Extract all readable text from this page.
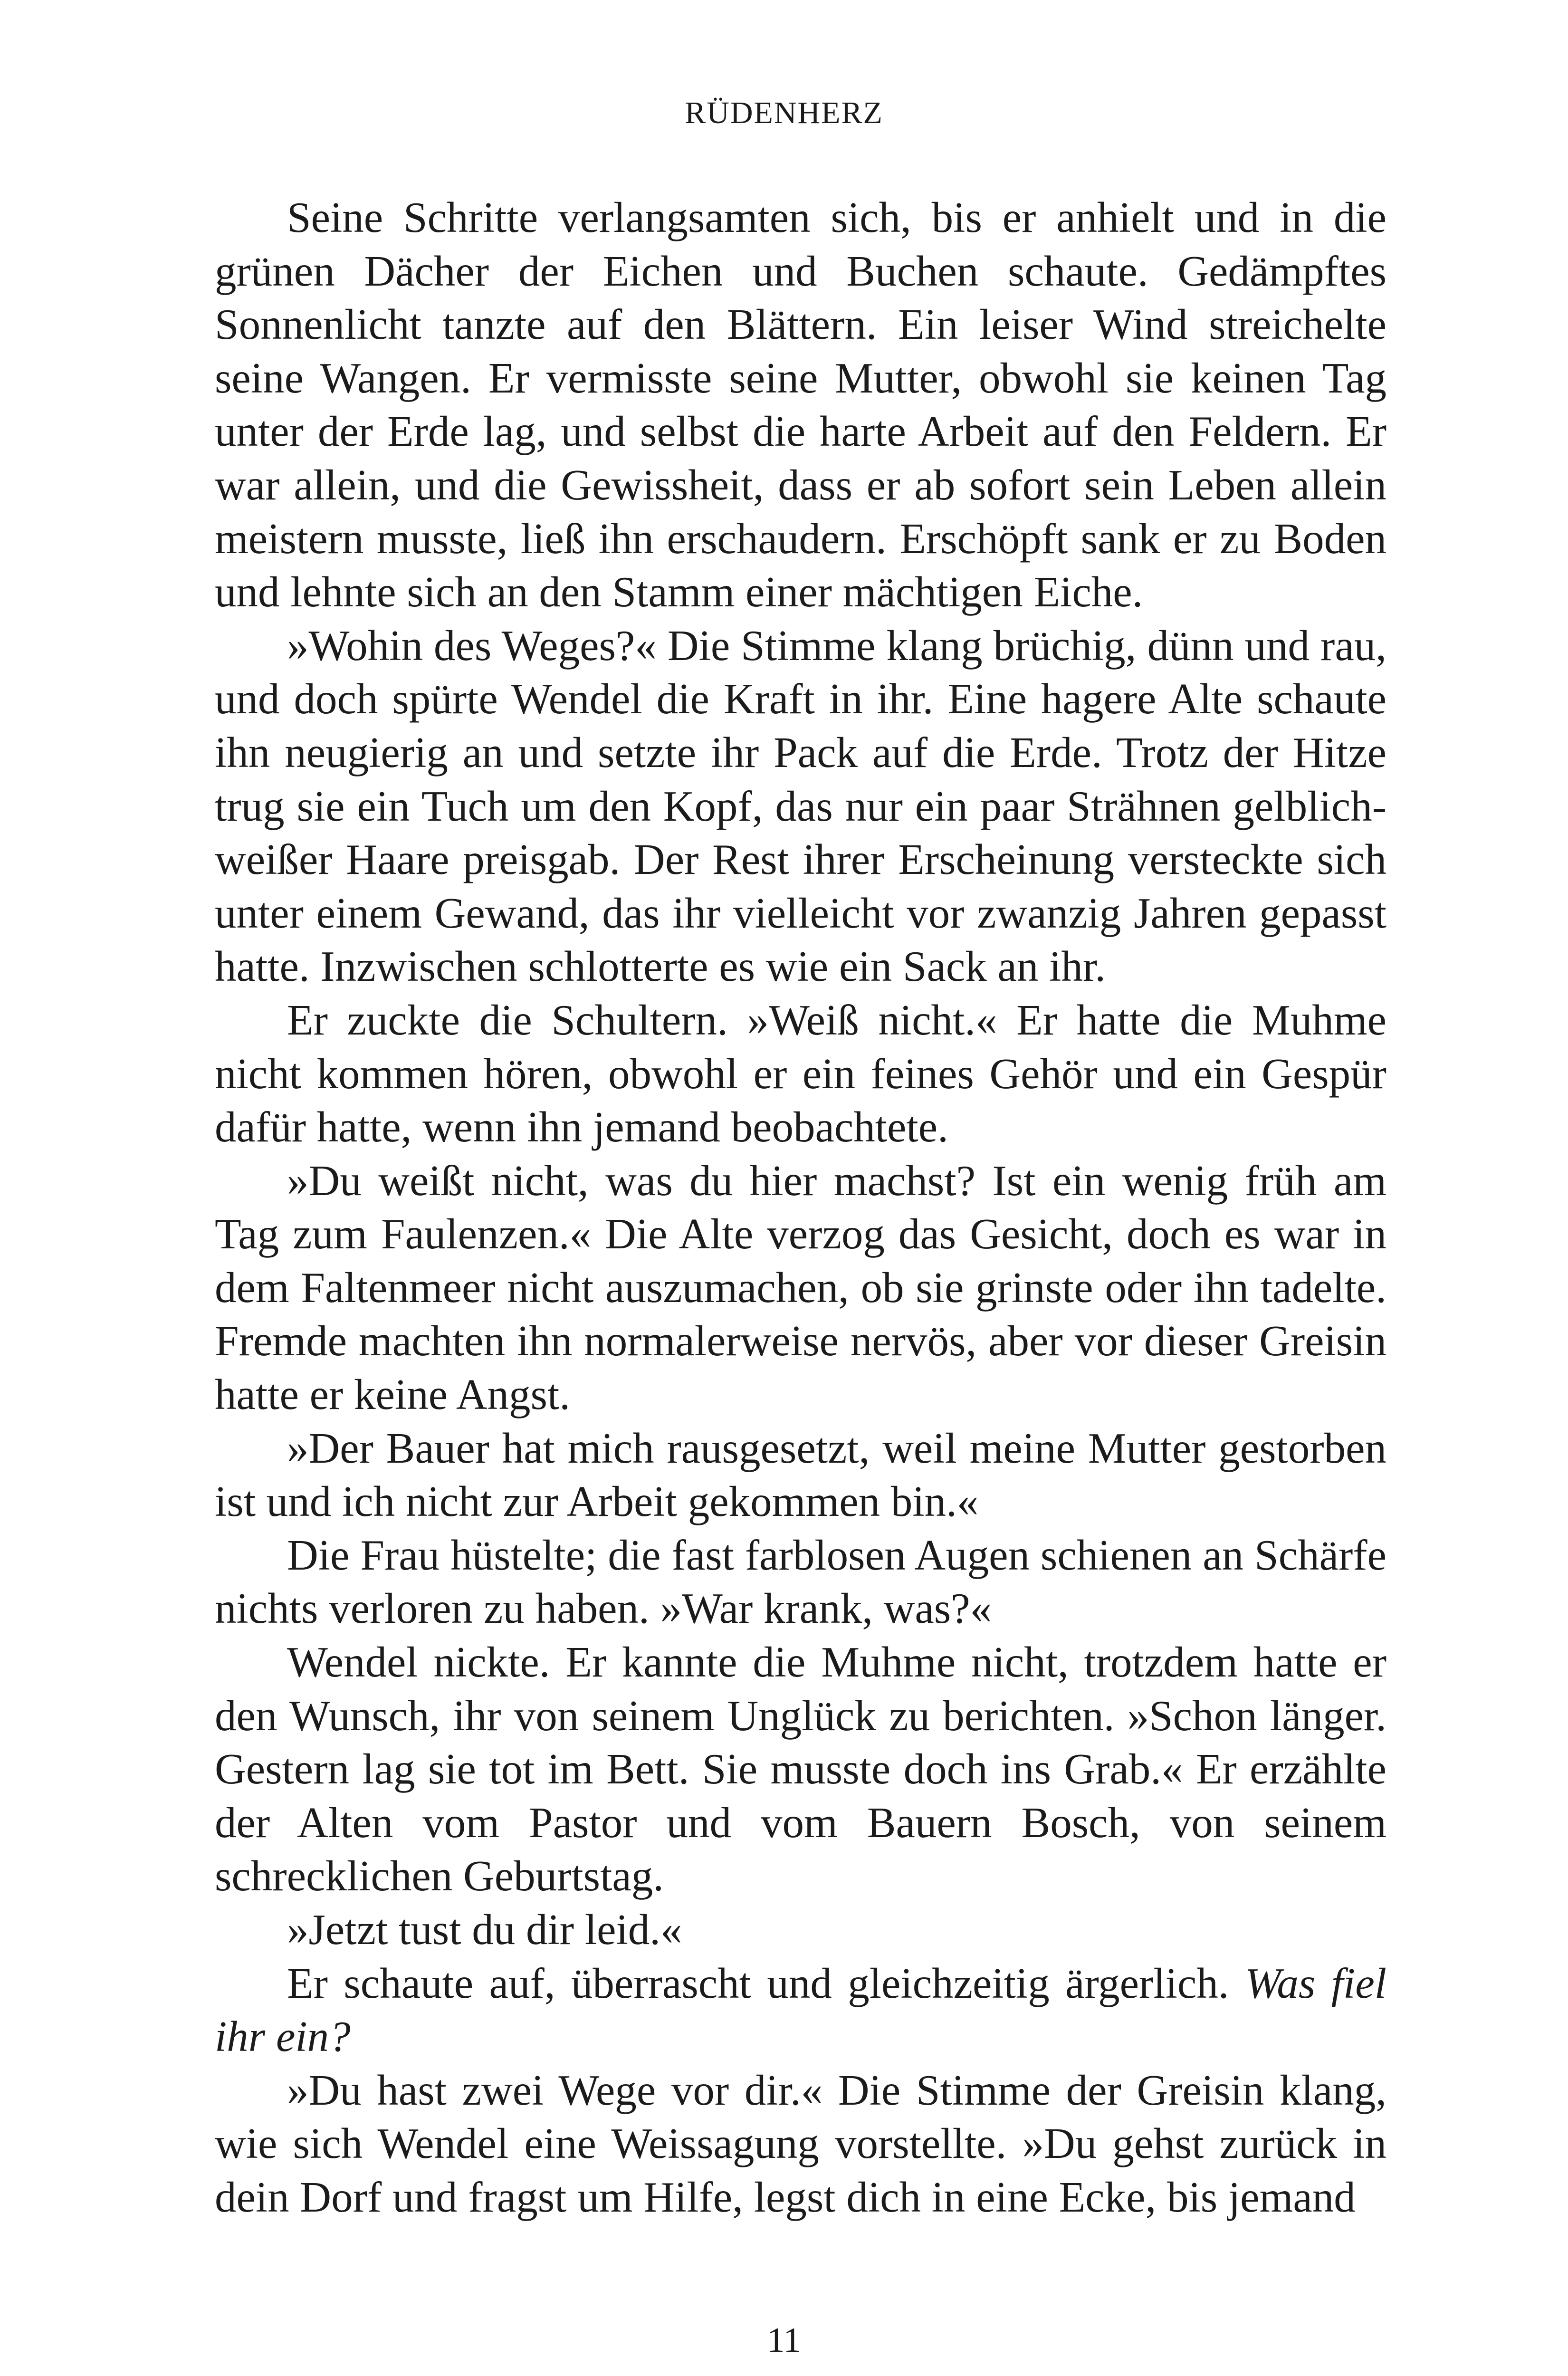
RÜDENHERZ

Seine Schritte verlangsamten sich, bis er anhielt und in die grünen Dächer der Eichen und Buchen schaute. Gedämpftes Sonnenlicht tanzte auf den Blättern. Ein leiser Wind streichelte seine Wangen. Er vermisste seine Mutter, obwohl sie keinen Tag unter der Erde lag, und selbst die harte Arbeit auf den Feldern. Er war allein, und die Gewissheit, dass er ab sofort sein Leben allein meistern musste, ließ ihn erschaudern. Erschöpft sank er zu Boden und lehnte sich an den Stamm einer mächtigen Eiche.

»Wohin des Weges?« Die Stimme klang brüchig, dünn und rau, und doch spürte Wendel die Kraft in ihr. Eine hagere Alte schaute ihn neugierig an und setzte ihr Pack auf die Erde. Trotz der Hitze trug sie ein Tuch um den Kopf, das nur ein paar Strähnen gelblich-weißer Haare preisgab. Der Rest ihrer Erscheinung versteckte sich unter einem Gewand, das ihr vielleicht vor zwanzig Jahren gepasst hatte. Inzwischen schlotterte es wie ein Sack an ihr.

Er zuckte die Schultern. »Weiß nicht.« Er hatte die Muhme nicht kommen hören, obwohl er ein feines Gehör und ein Gespür dafür hatte, wenn ihn jemand beobachtete.

»Du weißt nicht, was du hier machst? Ist ein wenig früh am Tag zum Faulenzen.« Die Alte verzog das Gesicht, doch es war in dem Faltenmeer nicht auszumachen, ob sie grinste oder ihn tadelte. Fremde machten ihn normalerweise nervös, aber vor dieser Greisin hatte er keine Angst.

»Der Bauer hat mich rausgesetzt, weil meine Mutter gestorben ist und ich nicht zur Arbeit gekommen bin.«

Die Frau hüstelte; die fast farblosen Augen schienen an Schärfe nichts verloren zu haben. »War krank, was?«

Wendel nickte. Er kannte die Muhme nicht, trotzdem hatte er den Wunsch, ihr von seinem Unglück zu berichten. »Schon länger. Gestern lag sie tot im Bett. Sie musste doch ins Grab.« Er erzählte der Alten vom Pastor und vom Bauern Bosch, von seinem schrecklichen Geburtstag.

»Jetzt tust du dir leid.«

Er schaute auf, überrascht und gleichzeitig ärgerlich. Was fiel ihr ein?

»Du hast zwei Wege vor dir.« Die Stimme der Greisin klang, wie sich Wendel eine Weissagung vorstellte. »Du gehst zurück in dein Dorf und fragst um Hilfe, legst dich in eine Ecke, bis jemand

11
